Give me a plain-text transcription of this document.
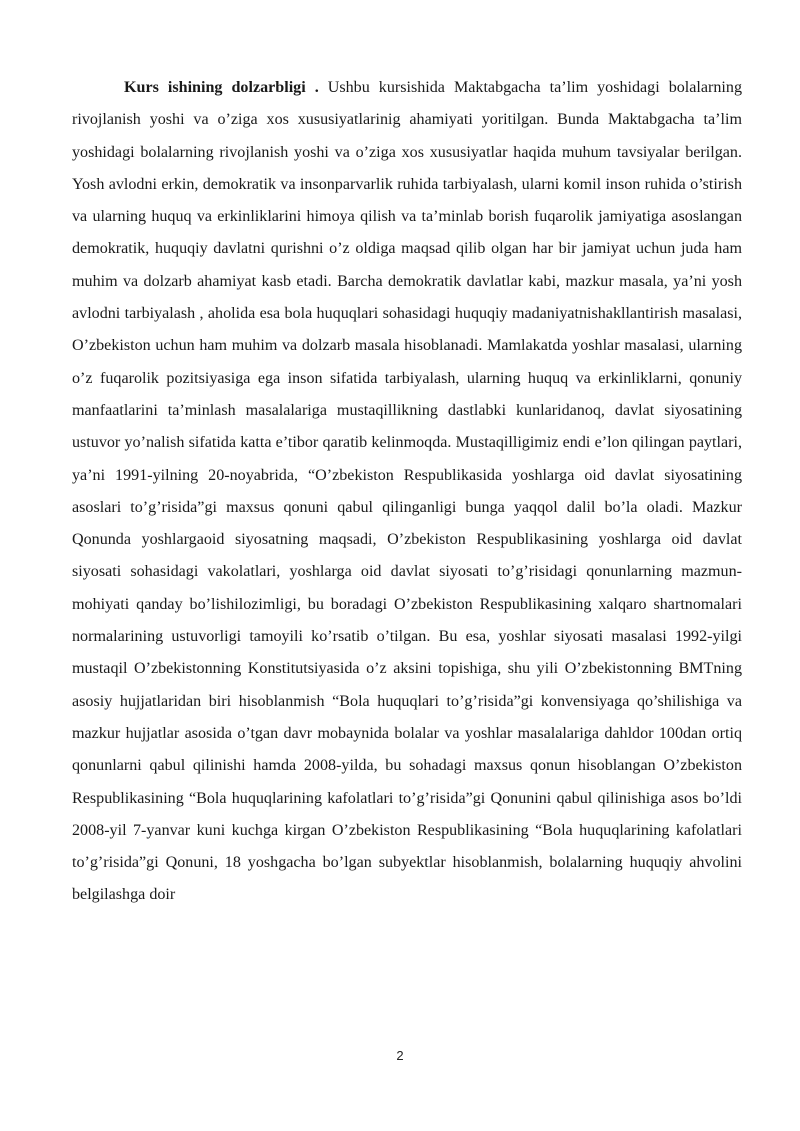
Kurs ishining dolzarbligi . Ushbu kursishida Maktabgacha ta’lim yoshidagi bolalarning rivojlanish yoshi va o’ziga xos xususiyatlarinig ahamiyati yoritilgan. Bunda Maktabgacha ta’lim yoshidagi bolalarning rivojlanish yoshi va o’ziga xos xususiyatlar haqida muhum tavsiyalar berilgan. Yosh avlodni erkin, demokratik va insonparvarlik ruhida tarbiyalash, ularni komil inson ruhida o’stirish va ularning huquq va erkinliklarini himoya qilish va ta’minlab borish fuqarolik jamiyatiga asoslangan demokratik, huquqiy davlatni qurishni o’z oldiga maqsad qilib olgan har bir jamiyat uchun juda ham muhim va dolzarb ahamiyat kasb etadi. Barcha demokratik davlatlar kabi, mazkur masala, ya’ni yosh avlodni tarbiyalash , aholida esa bola huquqlari sohasidagi huquqiy madaniyatnishakllantirish masalasi, O’zbekiston uchun ham muhim va dolzarb masala hisoblanadi. Mamlakatda yoshlar masalasi, ularning o’z fuqarolik pozitsiyasiga ega inson sifatida tarbiyalash, ularning huquq va erkinliklarni, qonuniy manfaatlarini ta’minlash masalalariga mustaqillikning dastlabki kunlaridanoq, davlat siyosatining ustuvor yo’nalish sifatida katta e’tibor qaratib kelinmoqda. Mustaqilligimiz endi e’lon qilingan paytlari, ya’ni 1991-yilning 20-noyabrida, “O’zbekiston Respublikasida yoshlarga oid davlat siyosatining asoslari to’g’risida”gi maxsus qonuni qabul qilinganligi bunga yaqqol dalil bo’la oladi. Mazkur Qonunda yoshlargaoid siyosatning maqsadi, O’zbekiston Respublikasining yoshlarga oid davlat siyosati sohasidagi vakolatlari, yoshlarga oid davlat siyosati to’g’risidagi qonunlarning mazmun-mohiyati qanday bo’lishilozimligi, bu boradagi O’zbekiston Respublikasining xalqaro shartnomalari normalarining ustuvorligi tamoyili ko’rsatib o’tilgan. Bu esa, yoshlar siyosati masalasi 1992-yilgi mustaqil O’zbekistonning Konstitutsiyasida o’z aksini topishiga, shu yili O’zbekistonning BMTning asosiy hujjatlaridan biri hisoblanmish “Bola huquqlari to’g’risida”gi konvensiyaga qo’shilishiga va mazkur hujjatlar asosida o’tgan davr mobaynida bolalar va yoshlar masalalariga dahldor 100dan ortiq qonunlarni qabul qilinishi hamda 2008-yilda, bu sohadagi maxsus qonun hisoblangan O’zbekiston Respublikasining “Bola huquqlarining kafolatlari to’g’risida”gi Qonunini qabul qilinishiga asos bo’ldi 2008-yil 7-yanvar kuni kuchga kirgan O’zbekiston Respublikasining “Bola huquqlarining kafolatlari to’g’risida”gi Qonuni, 18 yoshgacha bo’lgan subyektlar hisoblanmish, bolalarning huquqiy ahvolini belgilashga doir

2
